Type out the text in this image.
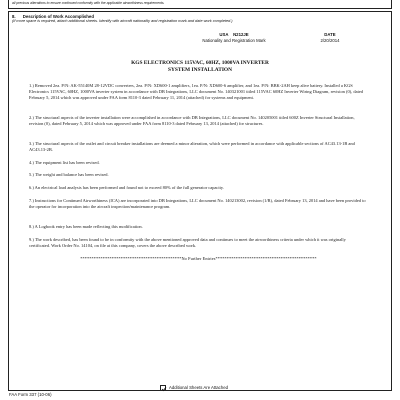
all previous alterations to ensure continued conformity with the applicable airworthiness requirements.
8. Description of Work Accomplished
(If more space is required, attach additional sheets. Identify with aircraft nationality and registration mark and date work completed.)
USA    N212JE
Nationality and Registration Mark
DATE
2/20/2014
KGS ELECTRONICS 115VAC, 60HZ, 1000VA INVERTER
SYSTEM INSTALLATION
1.) Removed 2ea. P/N: AK-55140M 28-12VDC converters, 2ea. P/N: XD600-1 amplifiers, 1ea. P/N: XD600-6 amplifier, and 1ea. P/N: BBK-2AH keep alive battery. Installed a KGS Electronics 115VAC, 60HZ, 1000VA inverter system in accordance with DB Integrations, LLC document No. 140321001 titled 115VAC 60HZ Inverter Wiring Diagram, revision (0), dated February 5, 2014 which was approved under FAA form 8110-3 dated February 11, 2014 (attached) for systems and equipment.
2.) The structural aspects of the inverter installation were accomplished in accordance with DB Integrations, LLC document No. 140205001 titled 600Z Inverter Structural Installation, revision (0), dated February 5, 2014 which was approved under FAA form 8110-3 dated February 13, 2014 (attached) for structures.
3.) The structural aspects of the outlet and circuit breaker installations are deemed a minor alteration, which were performed in accordance with applicable sections of AC43.13-1B and AC43.13-2B.
4.) The equipment list has been revised.
5.) The weight and balance has been revised.
6.) An electrical load analysis has been performed and found not to exceed 80% of the full generator capacity.
7.) Instructions for Continued Airworthiness (ICA) are incorporated into DB Integrations, LLC document No. 140213002, revision (1/R), dated February 13, 2014 and have been provided to the operator for incorporation into the aircraft inspection/maintenance program.
8.) A Logbook entry has been made reflecting this modification.
9.) The work described, has been found to be in conformity with the above mentioned approved data and continues to meet the airworthiness criteria under which it was originally certificated. Work Order No. 14104, on file at this company, covers the above described work.
*********************************************No Further Entries*********************************************
Additional Sheets Are Attached
FAA Form 337 (10-06)
